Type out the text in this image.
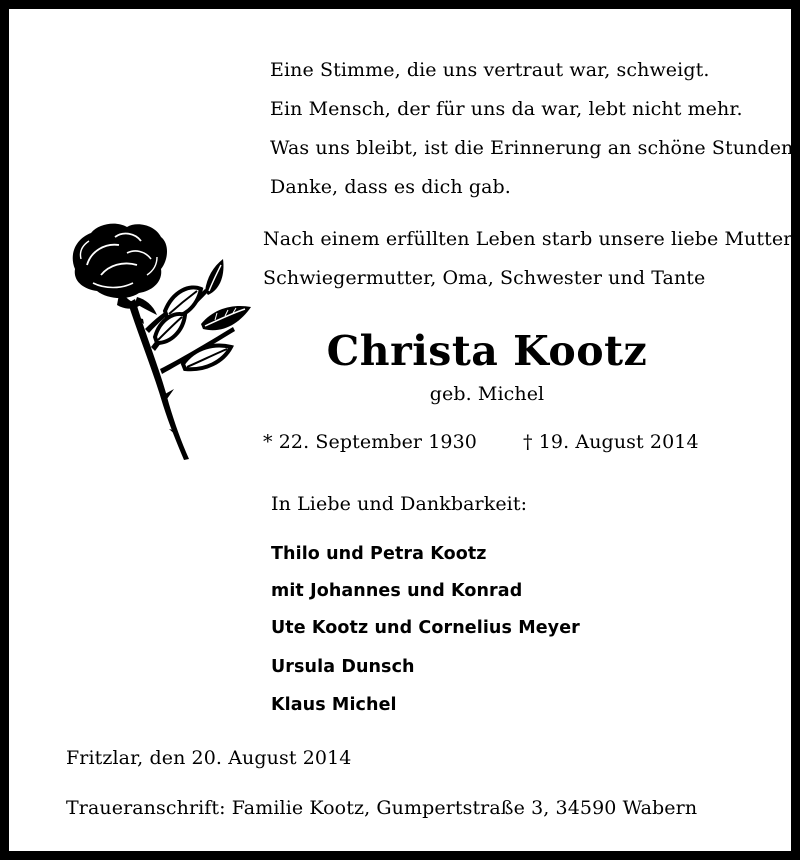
Eine Stimme, die uns vertraut war, schweigt.
Ein Mensch, der für uns da war, lebt nicht mehr.
Was uns bleibt, ist die Erinnerung an schöne Stunden.
Danke, dass es dich gab.
Nach einem erfüllten Leben starb unsere liebe Mutter,
Schwiegermutter, Oma, Schwester und Tante
Christa Kootz
geb. Michel
* 22. September 1930 † 19. August 2014
In Liebe und Dankbarkeit:
Thilo und Petra Kootz
mit Johannes und Konrad
Ute Kootz und Cornelius Meyer
Ursula Dunsch
Klaus Michel
Fritzlar, den 20. August 2014
Traueranschrift: Familie Kootz, Gumpertstraße 3, 34590 Wabern
